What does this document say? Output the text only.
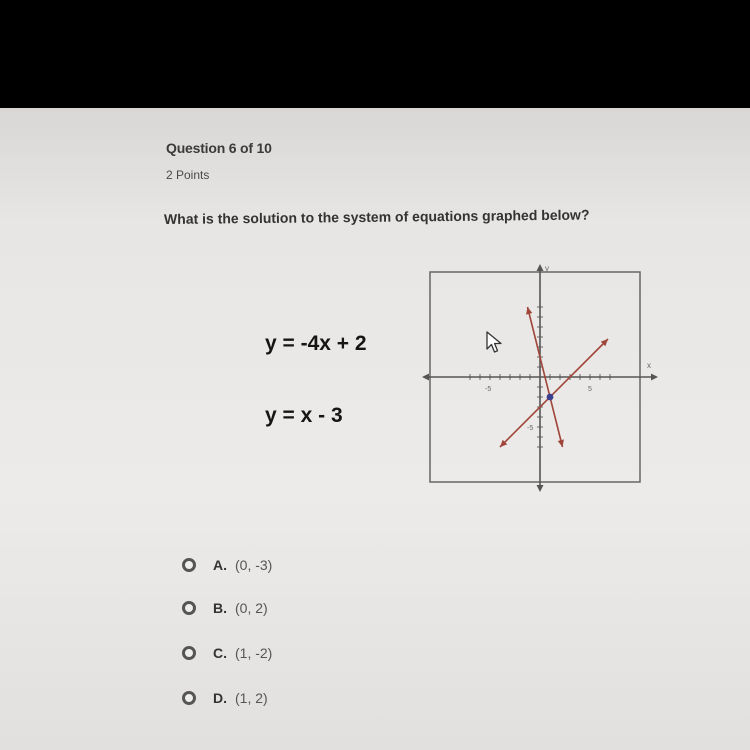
Question 6 of 10
2 Points
What is the solution to the system of equations graphed below?
y = -4x + 2
y = x - 3
x
y
-5	5
-5
A. (0, -3)
B. (0, 2)
C. (1, -2)
D. (1, 2)
